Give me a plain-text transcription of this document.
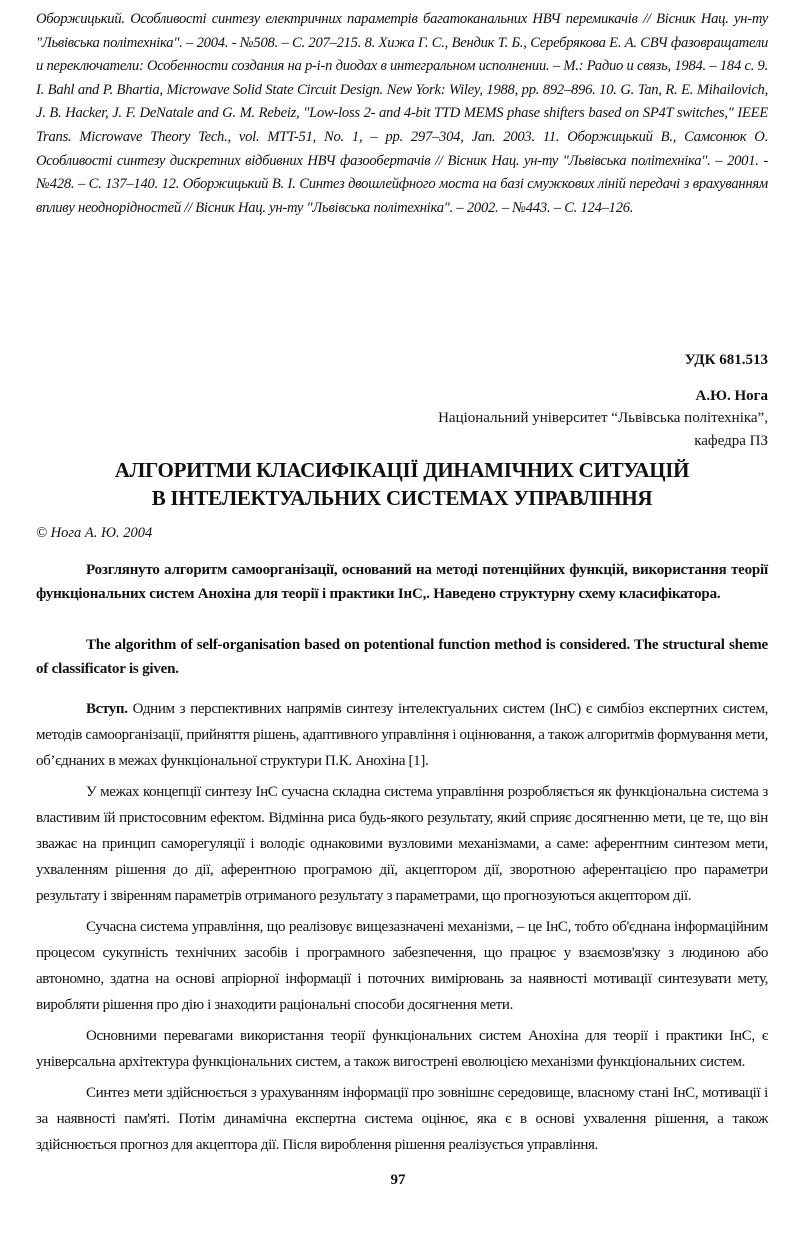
Оборжицький. Особливості синтезу електричних параметрів багатоканальних НВЧ перемикачів // Вісник Нац. ун-ту "Львівська політехніка". – 2004. - №508. – С. 207–215. 8. Хижа Г. С., Вендик Т. Б., Серебрякова Е. А. СВЧ фазовращатели и переключатели: Особенности создания на p-i-n диодах в интегральном исполнении. – М.: Радио и связь, 1984. – 184 с. 9. I. Bahl and P. Bhartia, Microwave Solid State Circuit Design. New York: Wiley, 1988, pp. 892–896. 10. G. Tan, R. E. Mihailovich, J. B. Hacker, J. F. DeNatale and G. M. Rebeiz, "Low-loss 2- and 4-bit TTD MEMS phase shifters based on SP4T switches," IEEE Trans. Microwave Theory Tech., vol. MTT-51, No. 1, – pp. 297–304, Jan. 2003. 11. Оборжицький В., Самсонюк О. Особливості синтезу дискретних відбивних НВЧ фазообертачів // Вісник Нац. ун-ту "Львівська політехніка". – 2001. - №428. – С. 137–140. 12. Оборжицький В. І. Синтез двошлейфного моста на базі смужкових ліній передачі з врахуванням впливу неоднорідностей // Вісник Нац. ун-ту "Львівська політехніка". – 2002. – №443. – С. 124–126.
УДК 681.513
А.Ю. Нога
Національний університет “Львівська політехніка”,
кафедра ПЗ
АЛГОРИТМИ КЛАСИФІКАЦІЇ ДИНАМІЧНИХ СИТУАЦІЙ
В ІНТЕЛЕКТУАЛЬНИХ СИСТЕМАХ УПРАВЛІННЯ
© Нога А. Ю. 2004
Розглянуто алгоритм самоорганізації, оснований на методі потенційних функцій, використання теорії функціональних систем Анохіна для теорії і практики ІнС,. Наведено структурну схему класифікатора.
The algorithm of self-organisation based on potentional function method is considered. The structural sheme of classificator is given.

Вступ. Одним з перспективних напрямів синтезу інтелектуальних систем (ІнС) є симбіоз експертних систем, методів самоорганізації, прийняття рішень, адаптивного управління і оцінювання, а також алгоритмів формування мети, об’єднаних в межах функціональної структури П.К. Анохіна [1].

У межах концепції синтезу ІнС сучасна складна система управління розробляється як функціональна система з властивим їй пристосовним ефектом. Відмінна риса будь-якого результату, який сприяє досягненню мети, це те, що він зважає на принцип саморегуляції і володіє однаковими вузловими механізмами, а саме: аферентним синтезом мети, ухваленням рішення до дії, аферентною програмою дії, акцептором дії, зворотною аферентацією про параметри результату і звіренням параметрів отриманого результату з параметрами, що прогнозуються акцептором дії.

Сучасна система управління, що реалізовує вищезазначені механізми, – це ІнС, тобто об'єднана інформаційним процесом сукупність технічних засобів і програмного забезпечення, що працює у взаємозв'язку з людиною або автономно, здатна на основі апріорної інформації і поточних вимірювань за наявності мотивації синтезувати мету, виробляти рішення про дію і знаходити раціональні способи досягнення мети.

Основними перевагами використання теорії функціональних систем Анохіна для теорії і практики ІнС, є універсальна архітектура функціональних систем, а також вигострені еволюцією механізми функціональних систем.

Синтез мети здійснюється з урахуванням інформації про зовнішнє середовище, власному стані ІнС, мотивації і за наявності пам'яті. Потім динамічна експертна система оцінює, яка є в основі ухвалення рішення, а також здійснюється прогноз для акцептора дії. Після вироблення рішення реалізується управління.

97
